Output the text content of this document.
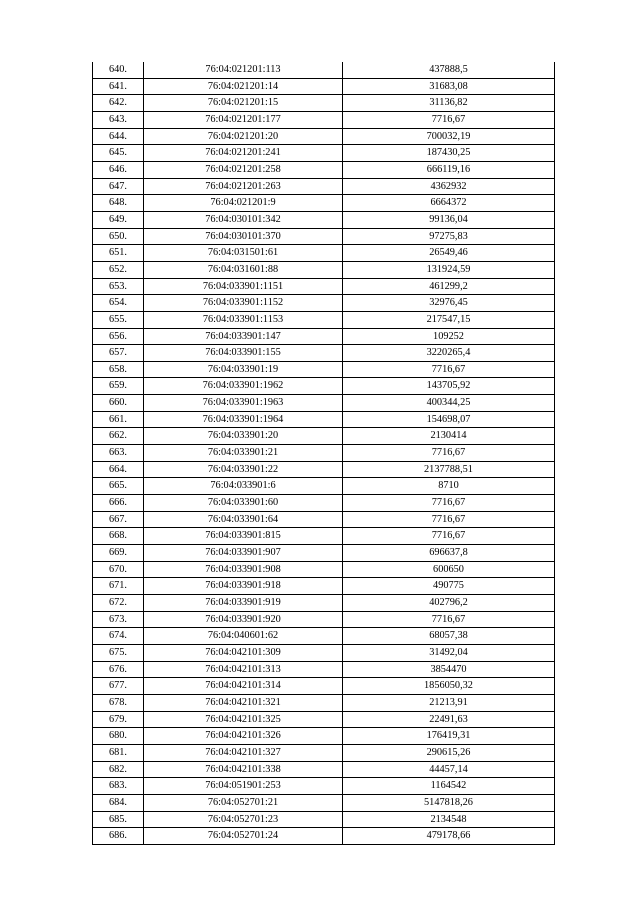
640.	76:04:021201:113	437888,5
641.	76:04:021201:14	31683,08
642.	76:04:021201:15	31136,82
643.	76:04:021201:177	7716,67
644.	76:04:021201:20	700032,19
645.	76:04:021201:241	187430,25
646.	76:04:021201:258	666119,16
647.	76:04:021201:263	4362932
648.	76:04:021201:9	6664372
649.	76:04:030101:342	99136,04
650.	76:04:030101:370	97275,83
651.	76:04:031501:61	26549,46
652.	76:04:031601:88	131924,59
653.	76:04:033901:1151	461299,2
654.	76:04:033901:1152	32976,45
655.	76:04:033901:1153	217547,15
656.	76:04:033901:147	109252
657.	76:04:033901:155	3220265,4
658.	76:04:033901:19	7716,67
659.	76:04:033901:1962	143705,92
660.	76:04:033901:1963	400344,25
661.	76:04:033901:1964	154698,07
662.	76:04:033901:20	2130414
663.	76:04:033901:21	7716,67
664.	76:04:033901:22	2137788,51
665.	76:04:033901:6	8710
666.	76:04:033901:60	7716,67
667.	76:04:033901:64	7716,67
668.	76:04:033901:815	7716,67
669.	76:04:033901:907	696637,8
670.	76:04:033901:908	600650
671.	76:04:033901:918	490775
672.	76:04:033901:919	402796,2
673.	76:04:033901:920	7716,67
674.	76:04:040601:62	68057,38
675.	76:04:042101:309	31492,04
676.	76:04:042101:313	3854470
677.	76:04:042101:314	1856050,32
678.	76:04:042101:321	21213,91
679.	76:04:042101:325	22491,63
680.	76:04:042101:326	176419,31
681.	76:04:042101:327	290615,26
682.	76:04:042101:338	44457,14
683.	76:04:051901:253	1164542
684.	76:04:052701:21	5147818,26
685.	76:04:052701:23	2134548
686.	76:04:052701:24	479178,66
